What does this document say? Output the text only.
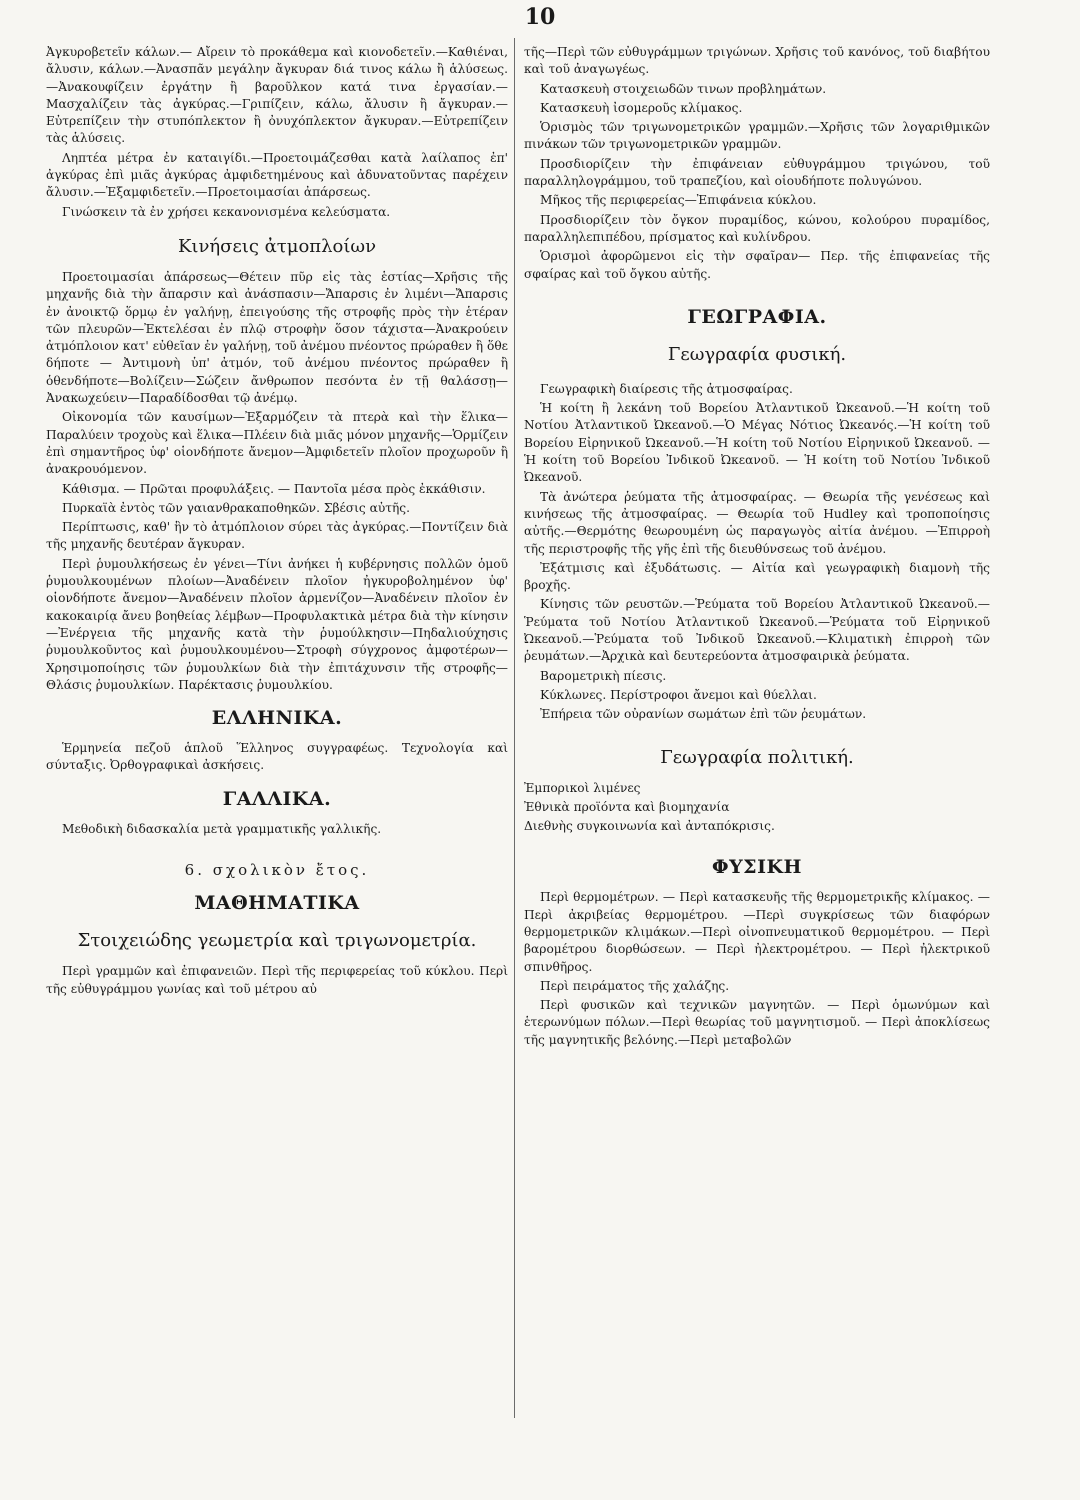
10

Ἀγκυροβετεῖν κάλων.— Αἴρειν τὸ προκάθεμα καὶ κιονοδετεῖν.—Καθιέναι, ἄλυσιν, κάλων.—Ἀνασπᾶν μεγάλην ἄγκυραν διά τινος κάλω ἢ ἁλύσεως.—Ἀνακουφίζειν ἐργάτην ἢ βαροῦλκον κατά τινα ἐργασίαν.— Μασχαλίζειν τὰς ἀγκύρας.—Γριπίζειν, κάλω, ἄλυσιν ἢ ἄγκυραν.—Εὐτρεπίζειν τὴν στυπόπλεκτον ἢ ὀνυχόπλεκτον ἄγκυραν.—Εὐτρεπίζειν τὰς ἁλύσεις.

Ληπτέα μέτρα ἐν καταιγίδι.—Προετοιμάζεσθαι κατὰ λαίλαπος ἐπ' ἀγκύρας ἐπὶ μιᾶς ἀγκύρας ἀμφιδετημένους καὶ ἀδυνατοῦντας παρέχειν ἄλυσιν.—Ἐξαμφιδετεῖν.—Προετοιμασίαι ἀπάρσεως.

Γινώσκειν τὰ ἐν χρήσει κεκανονισμένα κελεύσματα.

Κινήσεις ἀτμοπλοίων

Προετοιμασίαι ἀπάρσεως—Θέτειν πῦρ εἰς τὰς ἑστίας—Χρῆσις τῆς μηχανῆς διὰ τὴν ἄπαρσιν καὶ ἀνάσπασιν—Ἄπαρσις ἐν λιμένι—Ἄπαρσις ἐν ἀνοικτῷ ὅρμῳ ἐν γαλήνῃ, ἐπειγούσης τῆς στροφῆς πρὸς τὴν ἑτέραν τῶν πλευρῶν—Ἐκτελέσαι ἐν πλῷ στροφὴν ὅσον τάχιστα—Ἀνακρούειν ἀτμόπλοιον κατ' εὐθεῖαν ἐν γαλήνῃ, τοῦ ἀνέμου πνέοντος πρώραθεν ἢ ὅθε δήποτε — Ἀντιμονὴ ὑπ' ἀτμόν, τοῦ ἀνέμου πνέοντος πρώραθεν ἢ ὁθενδήποτε—Βολίζειν—Σώζειν ἄνθρωπον πεσόντα ἐν τῇ θαλάσσῃ—Ἀνακωχεύειν—Παραδίδοσθαι τῷ ἀνέμῳ.

Οἰκονομία τῶν καυσίμων—Ἐξαρμόζειν τὰ πτερὰ καὶ τὴν ἕλικα—Παραλύειν τροχοὺς καὶ ἕλικα—Πλέειν διὰ μιᾶς μόνον μηχανῆς—Ὁρμίζειν ἐπὶ σημαντῆρος ὑφ' οἱονδήποτε ἄνεμον—Ἀμφιδετεῖν πλοῖον προχωροῦν ἢ ἀνακρουόμενον.

Κάθισμα. — Πρῶται προφυλάξεις. — Παντοῖα μέσα πρὸς ἐκκάθισιν.

Πυρκαϊὰ ἐντὸς τῶν γαιανθρακαποθηκῶν. Σβέσις αὐτῆς.

Περίπτωσις, καθ' ἣν τὸ ἀτμόπλοιον σύρει τὰς ἀγκύρας.—Ποντίζειν διὰ τῆς μηχανῆς δευτέραν ἄγκυραν.

Περὶ ῥυμουλκήσεως ἐν γένει—Τίνι ἀνήκει ἡ κυβέρνησις πολλῶν ὁμοῦ ῥυμουλκουμένων πλοίων—Ἀναδένειν πλοῖον ἠγκυροβολημένον ὑφ' οἱονδήποτε ἄνεμον—Ἀναδένειν πλοῖον ἀρμενίζον—Ἀναδένειν πλοῖον ἐν κακοκαιρίᾳ ἄνευ βοηθείας λέμβων—Προφυλακτικὰ μέτρα διὰ τὴν κίνησιν—Ἐνέργεια τῆς μηχανῆς κατὰ τὴν ῥυμούλκησιν—Πηδαλιούχησις ῥυμουλκοῦντος καὶ ῥυμουλκουμένου—Στροφὴ σύγχρονος ἀμφοτέρων—Χρησιμοποίησις τῶν ῥυμουλκίων διὰ τὴν ἐπιτάχυνσιν τῆς στροφῆς—Θλάσις ῥυμουλκίων. Παρέκτασις ῥυμουλκίου.

ΕΛΛΗΝΙΚΑ.

Ἑρμηνεία πεζοῦ ἁπλοῦ Ἕλληνος συγγραφέως. Τεχνολογία καὶ σύνταξις. Ὀρθογραφικαὶ ἀσκήσεις.

ΓΑΛΛΙΚΑ.

Μεθοδικὴ διδασκαλία μετὰ γραμματικῆς γαλλικῆς.

6. σχολικὸν ἔτος.
ΜΑΘΗΜΑΤΙΚΑ
Στοιχειώδης γεωμετρία καὶ τριγωνομετρία.

Περὶ γραμμῶν καὶ ἐπιφανειῶν. Περὶ τῆς περιφερείας τοῦ κύκλου. Περὶ τῆς εὐθυγράμμου γωνίας καὶ τοῦ μέτρου αὐ

τῆς—Περὶ τῶν εὐθυγράμμων τριγώνων. Χρῆσις τοῦ κανόνος, τοῦ διαβήτου καὶ τοῦ ἀναγωγέως.

Κατασκευὴ στοιχειωδῶν τινων προβλημάτων.

Κατασκευὴ ἰσομεροῦς κλίμακος.

Ὁρισμὸς τῶν τριγωνομετρικῶν γραμμῶν.—Χρῆσις τῶν λογαριθμικῶν πινάκων τῶν τριγωνομετρικῶν γραμμῶν.

Προσδιορίζειν τὴν ἐπιφάνειαν εὐθυγράμμου τριγώνου, τοῦ παραλληλογράμμου, τοῦ τραπεζίου, καὶ οἱουδήποτε πολυγώνου.

Μῆκος τῆς περιφερείας—Ἐπιφάνεια κύκλου.

Προσδιορίζειν τὸν ὄγκον πυραμίδος, κώνου, κολούρου πυραμίδος, παραλληλεπιπέδου, πρίσματος καὶ κυλίνδρου.

Ὁρισμοὶ ἀφορῶμενοι εἰς τὴν σφαῖραν— Περ. τῆς ἐπιφανείας τῆς σφαίρας καὶ τοῦ ὄγκου αὐτῆς.

ΓΕΩΓΡΑΦΙΑ.
Γεωγραφία φυσική.

Γεωγραφικὴ διαίρεσις τῆς ἀτμοσφαίρας.

Ἡ κοίτη ἢ λεκάνη τοῦ Βορείου Ἀτλαντικοῦ Ὠκεανοῦ.—Ἡ κοίτη τοῦ Νοτίου Ἀτλαντικοῦ Ὠκεανοῦ.—Ὁ Μέγας Νότιος Ὠκεανός.—Ἡ κοίτη τοῦ Βορείου Εἰρηνικοῦ Ὠκεανοῦ.—Ἡ κοίτη τοῦ Νοτίου Εἰρηνικοῦ Ὠκεανοῦ. — Ἡ κοίτη τοῦ Βορείου Ἰνδικοῦ Ὠκεανοῦ. — Ἡ κοίτη τοῦ Νοτίου Ἰνδικοῦ Ὠκεανοῦ.

Τὰ ἀνώτερα ῥεύματα τῆς ἀτμοσφαίρας. — Θεωρία τῆς γενέσεως καὶ κινήσεως τῆς ἀτμοσφαίρας. — Θεωρία τοῦ Hudley καὶ τροποποίησις αὐτῆς.—Θερμότης θεωρουμένη ὡς παραγωγὸς αἰτία ἀνέμου. —Ἐπιρροὴ τῆς περιστροφῆς τῆς γῆς ἐπὶ τῆς διευθύνσεως τοῦ ἀνέμου.

Ἐξάτμισις καὶ ἐξυδάτωσις. — Αἰτία καὶ γεωγραφικὴ διαμονὴ τῆς βροχῆς.

Κίνησις τῶν ρευστῶν.—Ῥεύματα τοῦ Βορείου Ἀτλαντικοῦ Ὠκεανοῦ.—Ῥεύματα τοῦ Νοτίου Ἀτλαντικοῦ Ὠκεανοῦ.—Ῥεύματα τοῦ Εἰρηνικοῦ Ὠκεανοῦ.—Ῥεύματα τοῦ Ἰνδικοῦ Ὠκεανοῦ.—Κλιματικὴ ἐπιρροὴ τῶν ῥευμάτων.—Ἀρχικὰ καὶ δευτερεύοντα ἀτμοσφαιρικὰ ῥεύματα.

Βαρομετρικὴ πίεσις.

Κύκλωνες. Περίστροφοι ἄνεμοι καὶ θύελλαι.

Ἐπήρεια τῶν οὐρανίων σωμάτων ἐπὶ τῶν ῥευμάτων.

Γεωγραφία πολιτική.

Ἐμπορικοὶ λιμένες

Ἐθνικὰ προϊόντα καὶ βιομηχανία

Διεθνὴς συγκοινωνία καὶ ἀνταπόκρισις.

ΦΥΣΙΚΗ

Περὶ θερμομέτρων. — Περὶ κατασκευῆς τῆς θερμομετρικῆς κλίμακος. — Περὶ ἀκριβείας θερμομέτρου. —Περὶ συγκρίσεως τῶν διαφόρων θερμομετρικῶν κλιμάκων.—Περὶ οἰνοπνευματικοῦ θερμομέτρου. — Περὶ βαρομέτρου διορθώσεων. — Περὶ ἠλεκτρομέτρου. — Περὶ ἠλεκτρικοῦ σπινθῆρος.

Περὶ πειράματος τῆς χαλάζης.

Περὶ φυσικῶν καὶ τεχνικῶν μαγνητῶν. — Περὶ ὁμωνύμων καὶ ἑτερωνύμων πόλων.—Περὶ θεωρίας τοῦ μαγνητισμοῦ. — Περὶ ἀποκλίσεως τῆς μαγνητικῆς βελόνης.—Περὶ μεταβολῶν
